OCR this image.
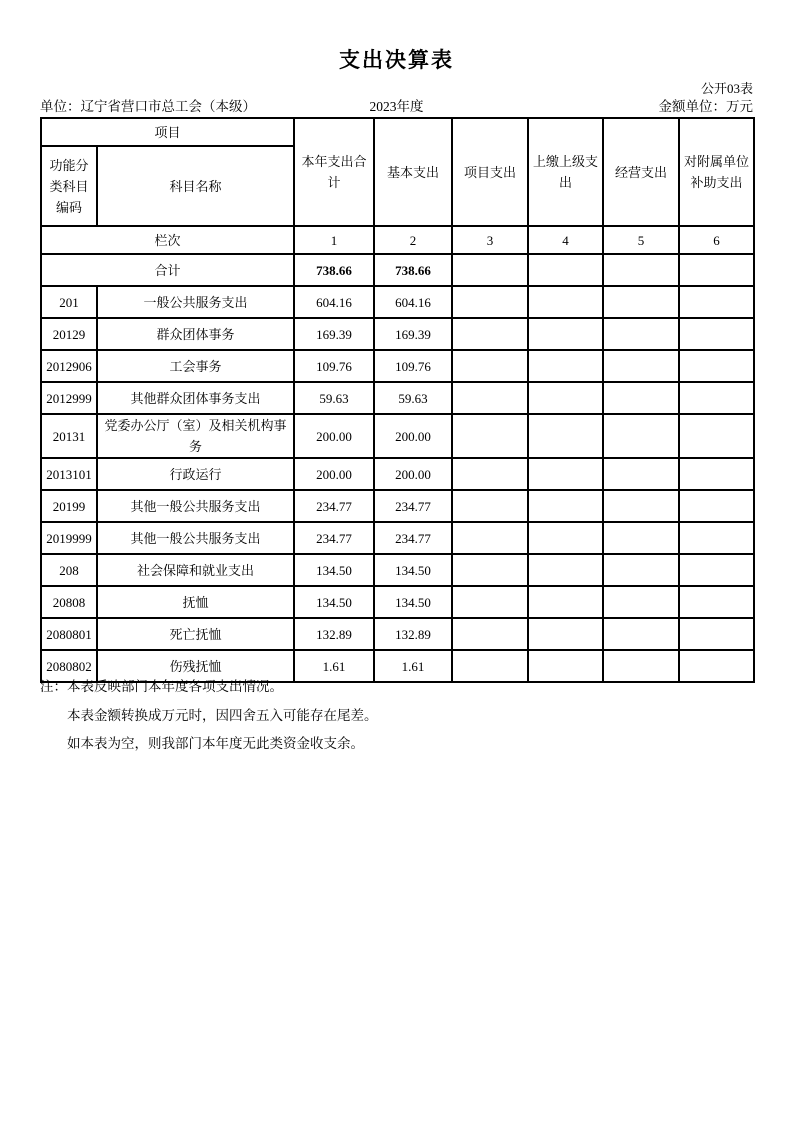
支出决算表
公开03表
单位：辽宁省营口市总工会（本级）	2023年度	金额单位：万元
项目		本年支出合计	基本支出	项目支出	上缴上级支出	经营支出	对附属单位补助支出
功能分类科目编码	科目名称						
栏次		1	2	3	4	5	6
合计		738.66	738.66				
201	一般公共服务支出	604.16	604.16				
20129	群众团体事务	169.39	169.39				
2012906	工会事务	109.76	109.76				
2012999	其他群众团体事务支出	59.63	59.63				
20131	党委办公厅（室）及相关机构事务	200.00	200.00				
2013101	行政运行	200.00	200.00				
20199	其他一般公共服务支出	234.77	234.77				
2019999	其他一般公共服务支出	234.77	234.77				
208	社会保障和就业支出	134.50	134.50				
20808	抚恤	134.50	134.50				
2080801	死亡抚恤	132.89	132.89				
2080802	伤残抚恤	1.61	1.61				
注：本表反映部门本年度各项支出情况。
本表金额转换成万元时，因四舍五入可能存在尾差。
如本表为空，则我部门本年度无此类资金收支余。
